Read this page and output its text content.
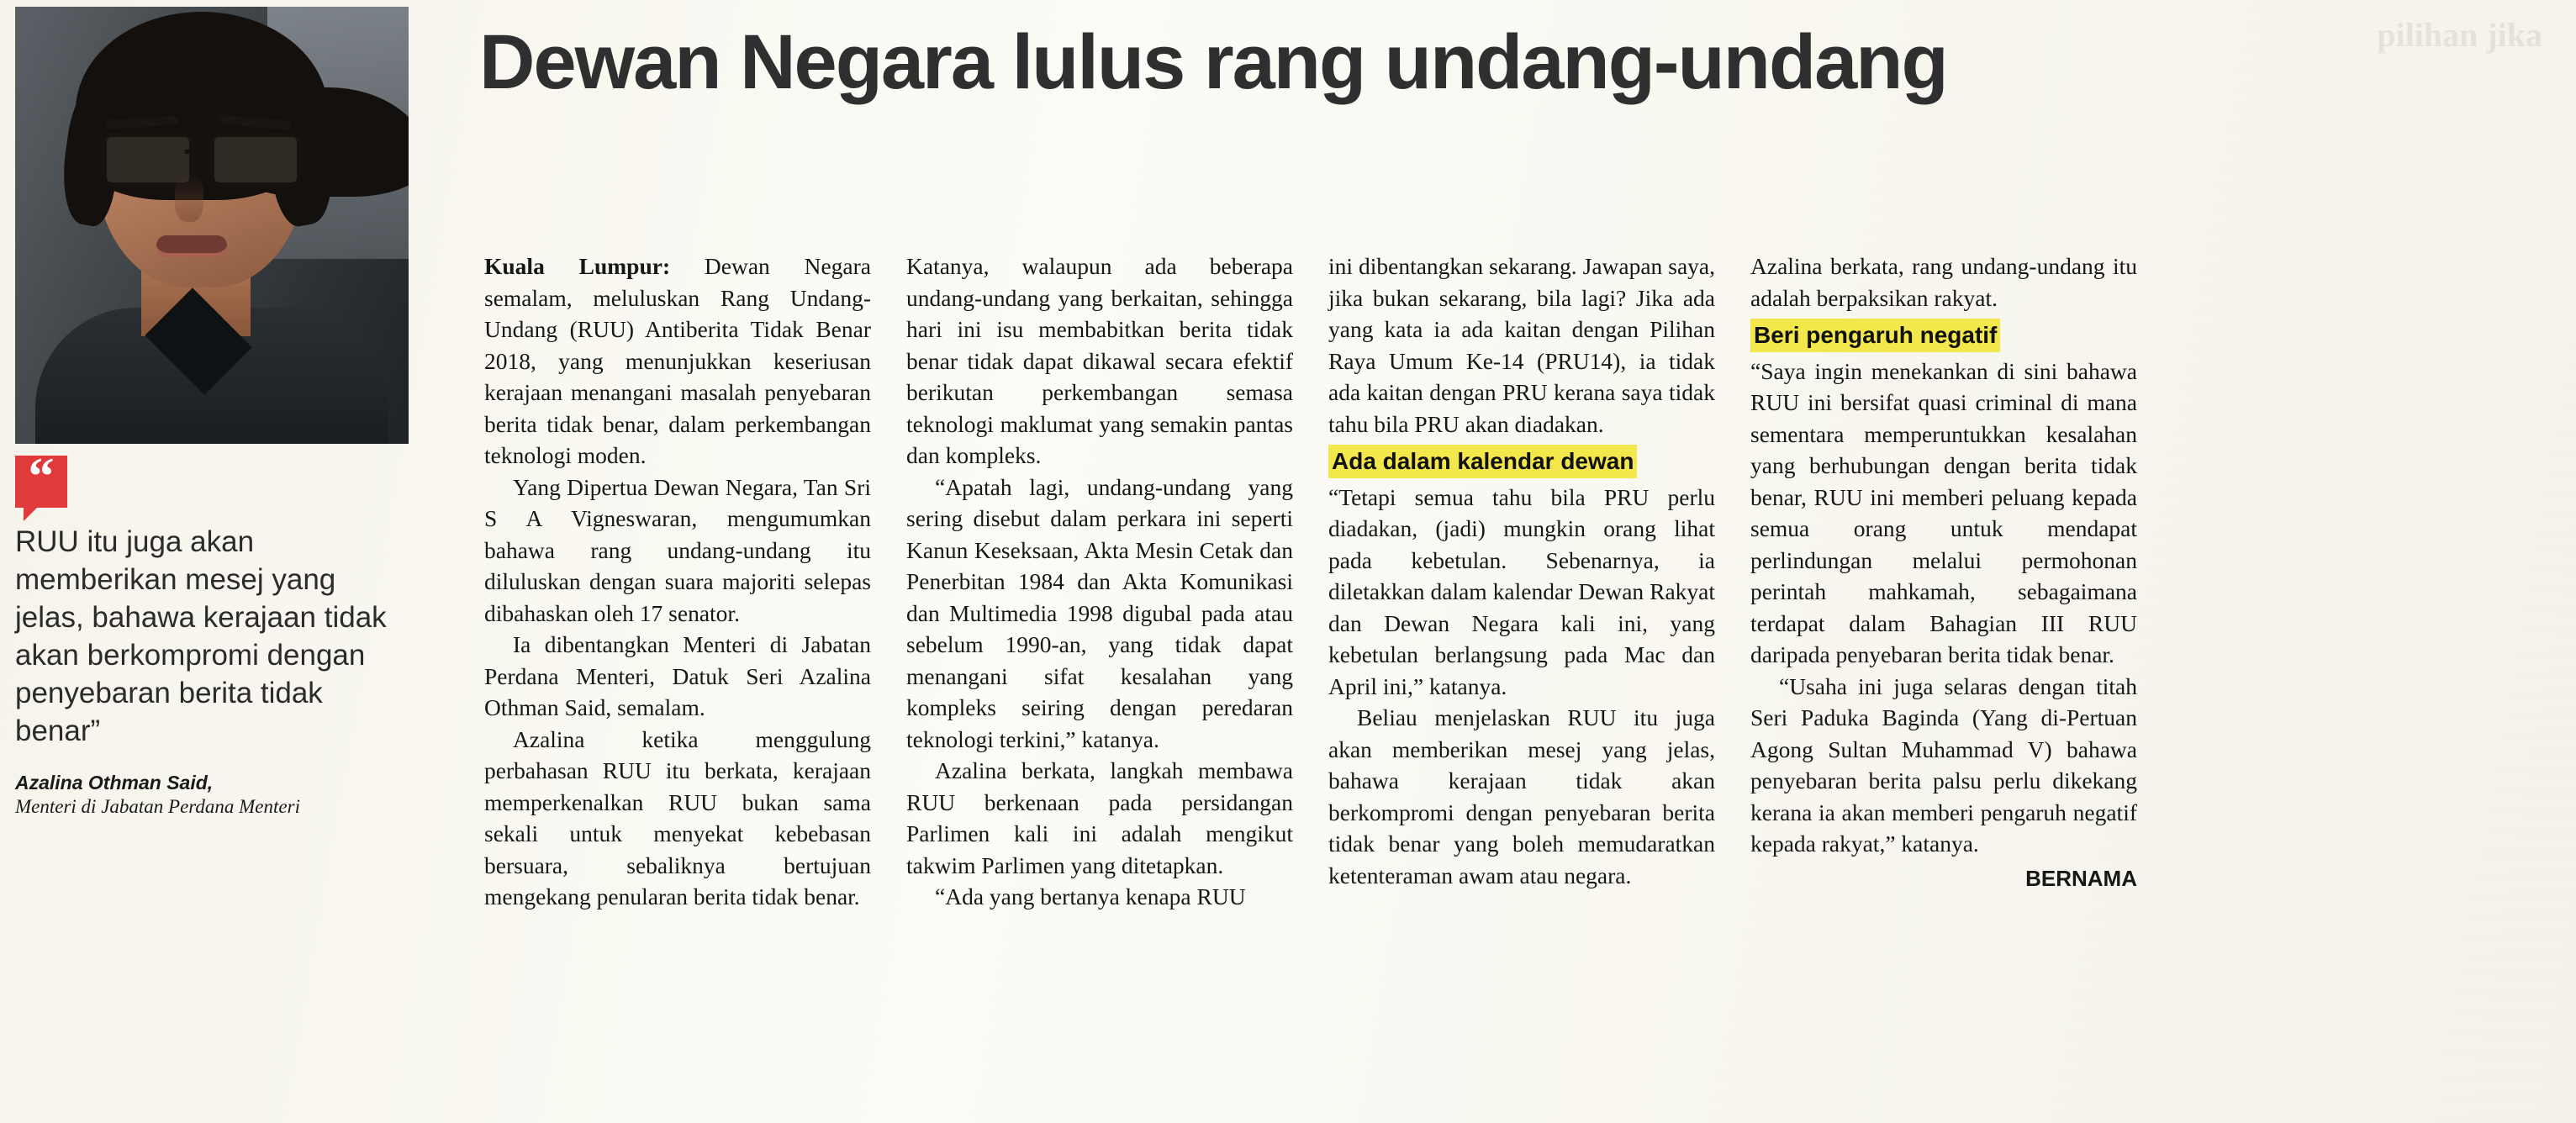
pilihan jika
“
RUU itu juga akan memberikan mesej yang jelas, bahawa kerajaan tidak akan berkompromi dengan penyebaran berita tidak benar”
Azalina Othman Said,
Menteri di Jabatan Perdana Menteri
Dewan Negara lulus rang undang-undang

Kuala Lumpur: Dewan Negara semalam, meluluskan Rang Undang-Undang (RUU) Antiberita Tidak Benar 2018, yang menunjukkan keseriusan kerajaan menangani masalah penyebaran berita tidak benar, dalam perkembangan teknologi moden.

Yang Dipertua Dewan Negara, Tan Sri S A Vigneswaran, mengumumkan bahawa rang undang-undang itu diluluskan dengan suara majoriti selepas dibahaskan oleh 17 senator.

Ia dibentangkan Menteri di Jabatan Perdana Menteri, Datuk Seri Azalina Othman Said, semalam.

Azalina ketika menggulung perbahasan RUU itu berkata, kerajaan memperkenalkan RUU bukan sama sekali untuk menyekat kebebasan bersuara, sebaliknya bertujuan mengekang penularan berita tidak benar.

Katanya, walaupun ada beberapa undang-undang yang berkaitan, sehingga hari ini isu membabitkan berita tidak benar tidak dapat dikawal secara efektif berikutan perkembangan semasa teknologi maklumat yang semakin pantas dan kompleks.

“Apatah lagi, undang-undang yang sering disebut dalam perkara ini seperti Kanun Keseksaan, Akta Mesin Cetak dan Penerbitan 1984 dan Akta Komunikasi dan Multimedia 1998 digubal pada atau sebelum 1990-an, yang tidak dapat menangani sifat kesalahan yang kompleks seiring dengan peredaran teknologi terkini,” katanya.

Azalina berkata, langkah membawa RUU berkenaan pada persidangan Parlimen kali ini adalah mengikut takwim Parlimen yang ditetapkan.

“Ada yang bertanya kenapa RUU

ini dibentangkan sekarang. Jawapan saya, jika bukan sekarang, bila lagi? Jika ada yang kata ia ada kaitan dengan Pilihan Raya Umum Ke-14 (PRU14), ia tidak ada kaitan dengan PRU kerana saya tidak tahu bila PRU akan diadakan.

Ada dalam kalendar dewan

“Tetapi semua tahu bila PRU perlu diadakan, (jadi) mungkin orang lihat pada kebetulan. Sebenarnya, ia diletakkan dalam kalendar Dewan Rakyat dan Dewan Negara kali ini, yang kebetulan berlangsung pada Mac dan April ini,” katanya.

Beliau menjelaskan RUU itu juga akan memberikan mesej yang jelas, bahawa kerajaan tidak akan berkompromi dengan penyebaran berita tidak benar yang boleh memudaratkan ketenteraman awam atau negara.

Azalina berkata, rang undang-undang itu adalah berpaksikan rakyat.

Beri pengaruh negatif

“Saya ingin menekankan di sini bahawa RUU ini bersifat quasi criminal di mana sementara memperuntukkan kesalahan yang berhubungan dengan berita tidak benar, RUU ini memberi peluang kepada semua orang untuk mendapat perlindungan melalui permohonan perintah mahkamah, sebagaimana terdapat dalam Bahagian III RUU daripada penyebaran berita tidak benar.

“Usaha ini juga selaras dengan titah Seri Paduka Baginda (Yang di-Pertuan Agong Sultan Muhammad V) bahawa penyebaran berita palsu perlu dikekang kerana ia akan memberi pengaruh negatif kepada rakyat,” katanya.

BERNAMA
